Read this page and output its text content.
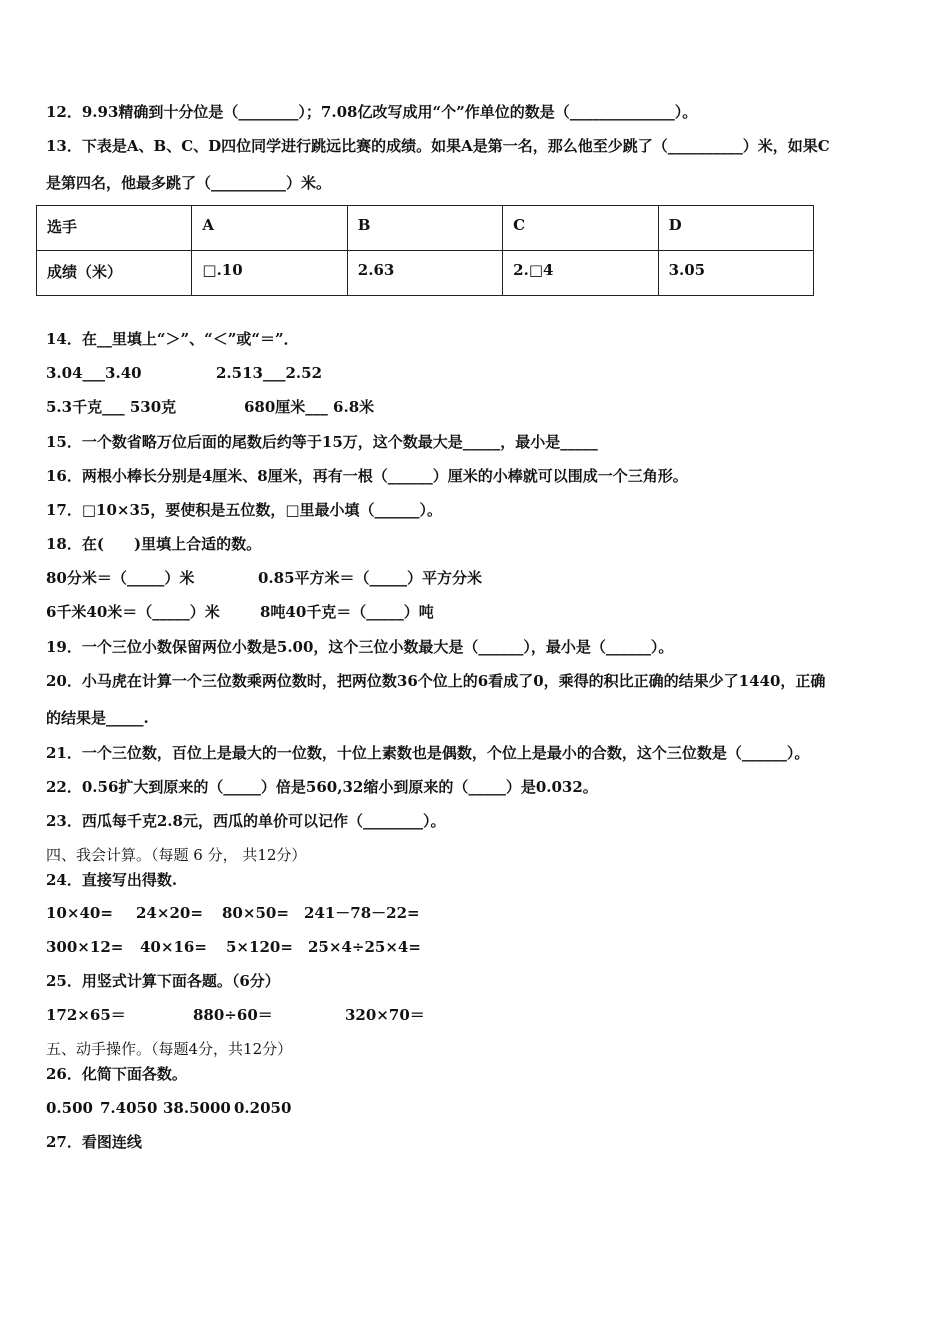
12．9.93精确到十分位是（________）；7.08亿改写成用“个”作单位的数是（______________）。
13．下表是A、B、C、D四位同学进行跳远比赛的成绩。如果A是第一名，那么他至少跳了（__________）米，如果C
是第四名，他最多跳了（__________）米。
选手	A	B	C	D
成绩（米）	□.10	2.63	2.□4	3.05
14．在__里填上“＞”、“＜”或“＝”．
3.04___3.40	2.513___2.52
5.3千克___ 530克	680厘米___ 6.8米
15．一个数省略万位后面的尾数后约等于15万，这个数最大是_____，最小是_____
16．两根小棒长分别是4厘米、8厘米，再有一根（______）厘米的小棒就可以围成一个三角形。
17．□10×35，要使积是五位数，□里最小填（______）。
18．在(　　)里填上合适的数。
80分米＝（_____）米	0.85平方米＝（_____）平方分米
6千米40米＝（_____）米	8吨40千克＝（_____）吨
19．一个三位小数保留两位小数是5.00，这个三位小数最大是（______），最小是（______）。
20．小马虎在计算一个三位数乘两位数时，把两位数36个位上的6看成了0，乘得的积比正确的结果少了1440，正确
的结果是_____.
21．一个三位数，百位上是最大的一位数，十位上素数也是偶数，个位上是最小的合数，这个三位数是（______）。
22．0.56扩大到原来的（_____）倍是560,32缩小到原来的（_____）是0.032。
23．西瓜每千克2.8元，西瓜的单价可以记作（________）。
四、我会计算。（每题 6 分， 共12分）
24．直接写出得数.
10×40= 24×20= 80×50= 241－78－22=
300×12= 40×16= 5×120= 25×4÷25×4=
25．用竖式计算下面各题。（6分）
172×65＝	880÷60＝	320×70＝
五、动手操作。（每题4分，共12分）
26．化简下面各数。
0.500 7.4050 38.5000 0.2050
27．看图连线
